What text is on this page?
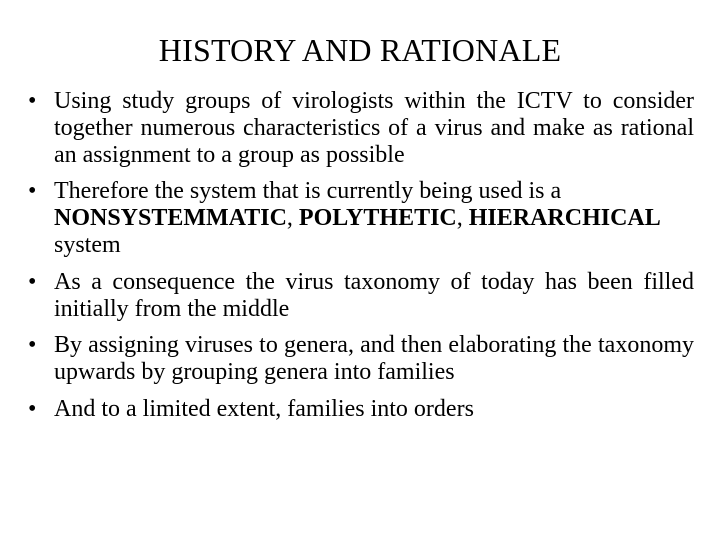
HISTORY AND RATIONALE
• Using study groups of virologists within the ICTV to consider together numerous characteristics of a virus and make as rational an assignment to a group as possible
• Therefore the system that is currently being used is a NONSYSTEMMATIC, POLYTHETIC, HIERARCHICAL system
• As a consequence the virus taxonomy of today has been filled initially from the middle
• By assigning viruses to genera, and then elaborating the taxonomy upwards by grouping genera into families
• And to a limited extent, families into orders
